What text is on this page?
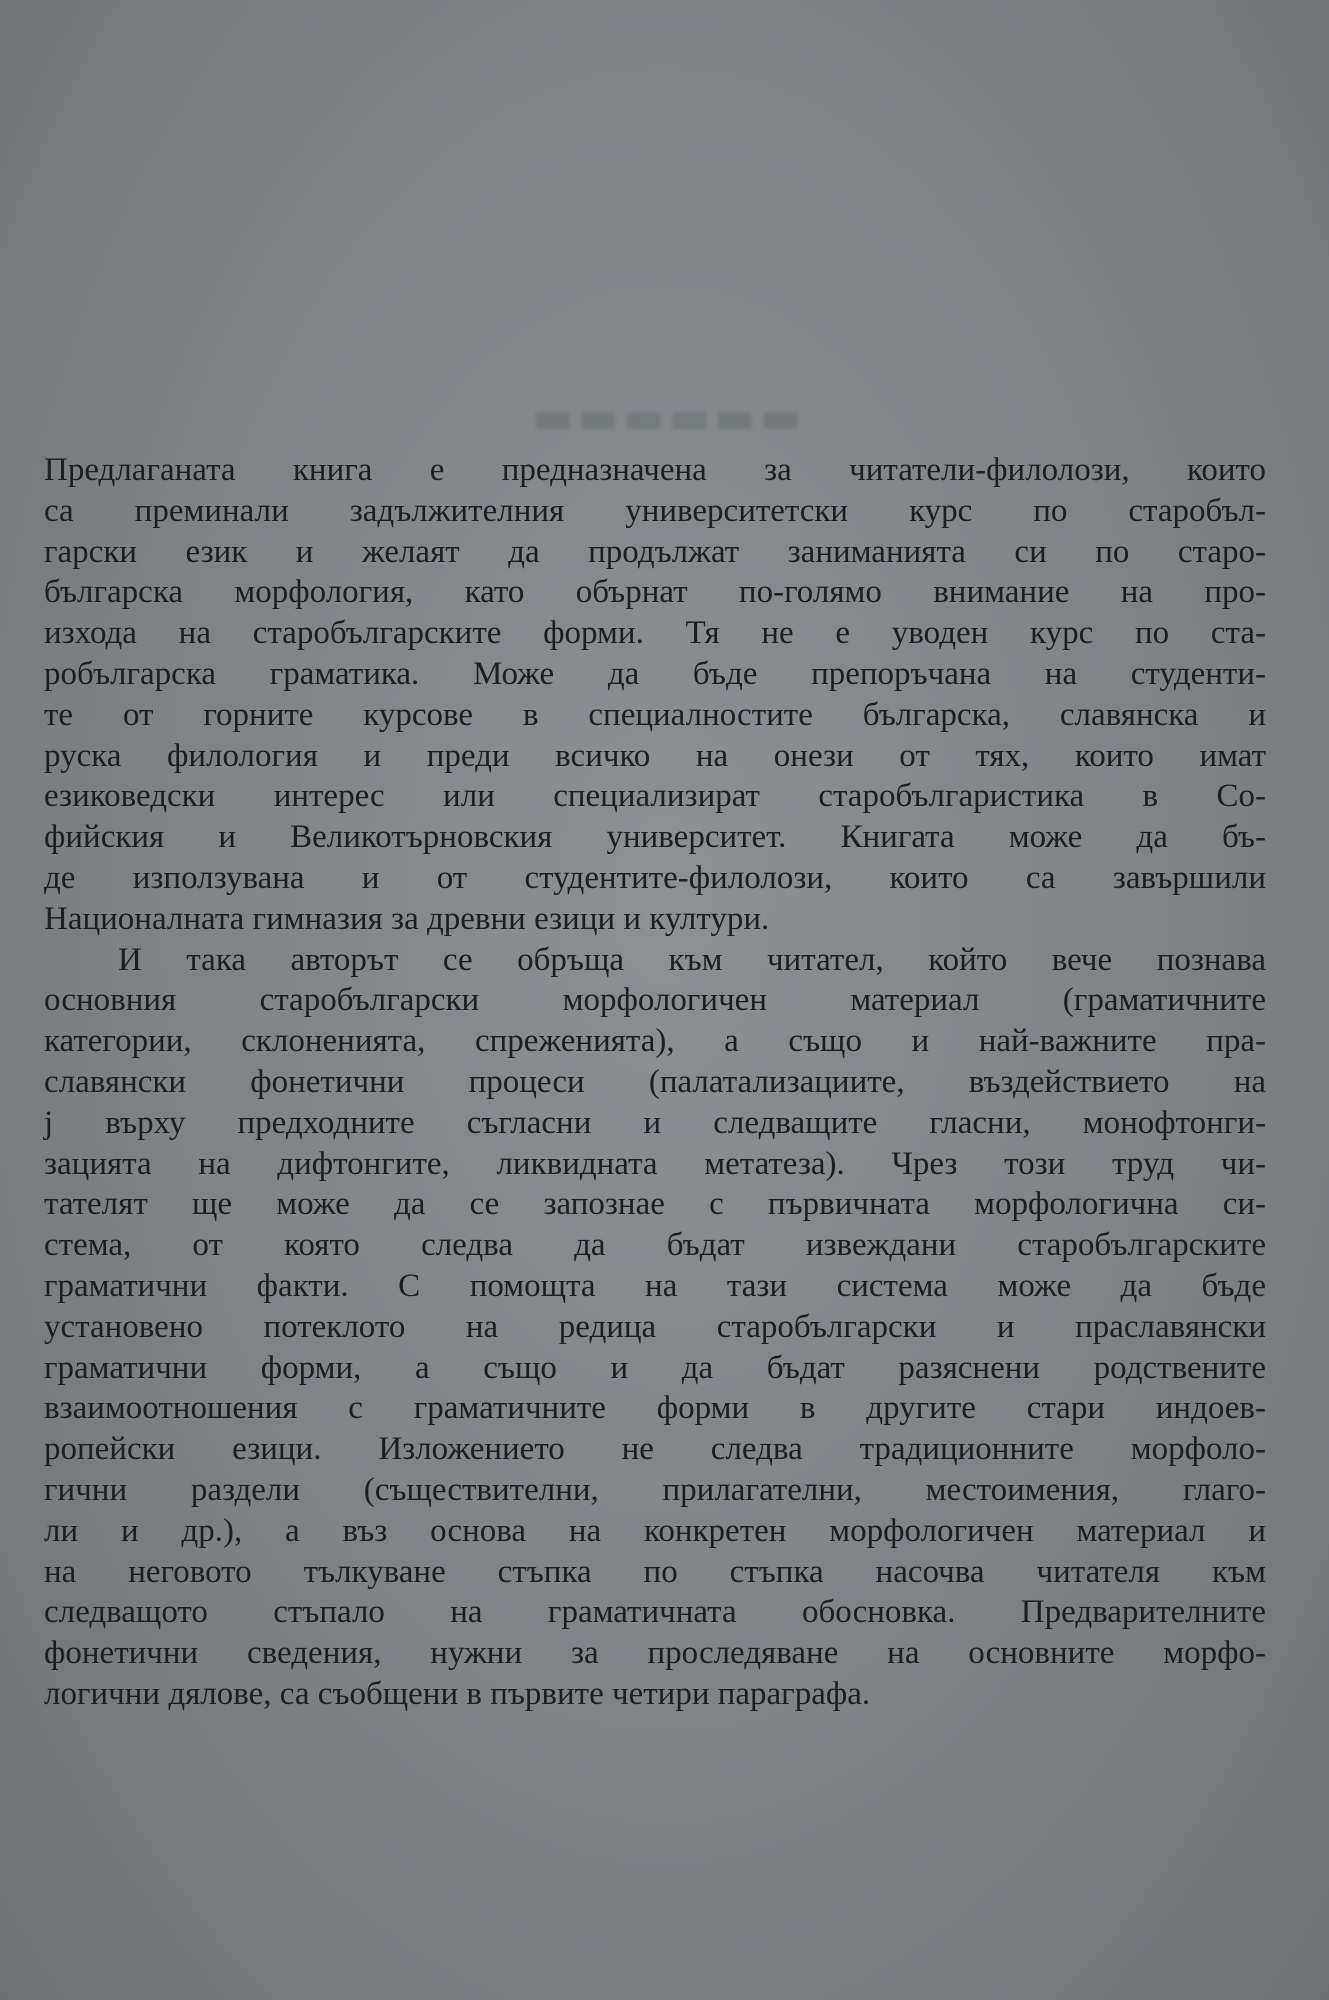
▬▬▬▬▬▬
Предлаганата книга е предназначена за читатели-филолози, които
са преминали задължителния университетски курс по старобъл-
гарски език и желаят да продължат заниманията си по старо-
българска морфология, като обърнат по-голямо внимание на про-
изхода на старобългарските форми. Тя не е уводен курс по ста-
робългарска граматика. Може да бъде препоръчана на студенти-
те от горните курсове в специалностите българска, славянска и
руска филология и преди всичко на онези от тях, които имат
езиковедски интерес или специализират старобългаристика в Со-
фийския и Великотърновския университет. Книгата може да бъ-
де използувана и от студентите-филолози, които са завършили
Националната гимназия за древни езици и култури.
И така авторът се обръща към читател, който вече познава
основния старобългарски морфологичен материал (граматичните
категории, склоненията, спреженията), а също и най-важните пра-
славянски фонетични процеси (палатализациите, въздействието на
j върху предходните съгласни и следващите гласни, монофтонги-
зацията на дифтонгите, ликвидната метатеза). Чрез този труд чи-
тателят ще може да се запознае с първичната морфологична си-
стема, от която следва да бъдат извеждани старобългарските
граматични факти. С помощта на тази система може да бъде
установено потеклото на редица старобългарски и праславянски
граматични форми, а също и да бъдат разяснени родствените
взаимоотношения с граматичните форми в другите стари индоев-
ропейски езици. Изложението не следва традиционните морфоло-
гични раздели (съществителни, прилагателни, местоимения, глаго-
ли и др.), а въз основа на конкретен морфологичен материал и
на неговото тълкуване стъпка по стъпка насочва читателя към
следващото стъпало на граматичната обосновка. Предварителните
фонетични сведения, нужни за проследяване на основните морфо-
логични дялове, са съобщени в първите четири параграфа.
